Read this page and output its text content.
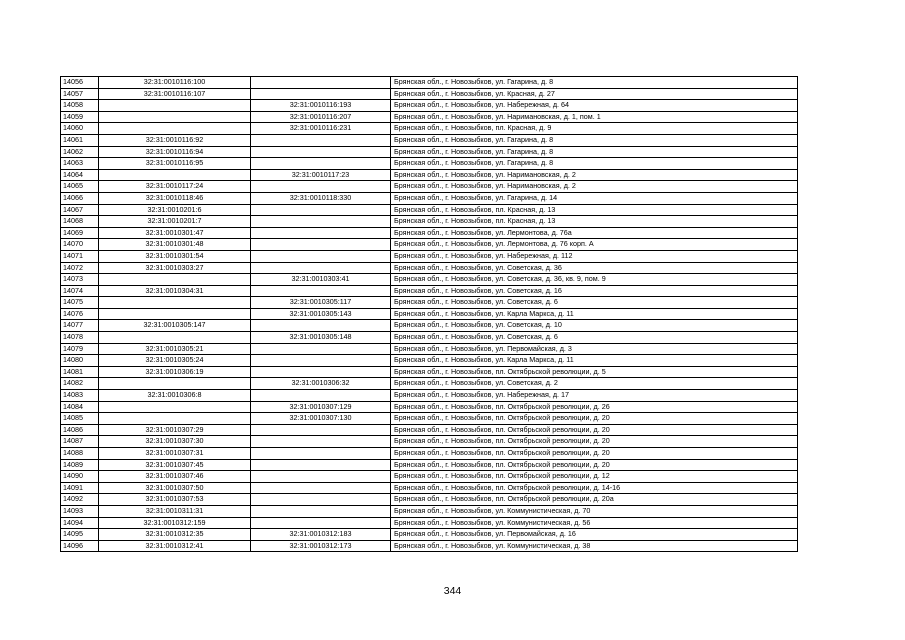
14056	32:31:0010116:100		Брянская обл., г. Новозыбков, ул. Гагарина, д. 8
14057	32:31:0010116:107		Брянская обл., г. Новозыбков, ул. Красная, д. 27
14058		32:31:0010116:193	Брянская обл., г. Новозыбков, ул. Набережная, д. 64
14059		32:31:0010116:207	Брянская обл., г. Новозыбков, ул. Наримановская, д. 1, пом. 1
14060		32:31:0010116:231	Брянская обл., г. Новозыбков, пл. Красная, д. 9
14061	32:31:0010116:92		Брянская обл., г. Новозыбков, ул. Гагарина, д. 8
14062	32:31:0010116:94		Брянская обл., г. Новозыбков, ул. Гагарина, д. 8
14063	32:31:0010116:95		Брянская обл., г. Новозыбков, ул. Гагарина, д. 8
14064		32:31:0010117:23	Брянская обл., г. Новозыбков, ул. Наримановская, д. 2
14065	32:31:0010117:24		Брянская обл., г. Новозыбков, ул. Наримановская, д. 2
14066	32:31:0010118:46	32:31:0010118:330	Брянская обл., г. Новозыбков, ул. Гагарина, д. 14
14067	32:31:0010201:6		Брянская обл., г. Новозыбков, пл. Красная, д. 13
14068	32:31:0010201:7		Брянская обл., г. Новозыбков, пл. Красная, д. 13
14069	32:31:0010301:47		Брянская обл., г. Новозыбков, ул. Лермонтова, д. 76а
14070	32:31:0010301:48		Брянская обл., г. Новозыбков, ул. Лермонтова, д. 76 корп. А
14071	32:31:0010301:54		Брянская обл., г. Новозыбков, ул. Набережная, д. 112
14072	32:31:0010303:27		Брянская обл., г. Новозыбков, ул. Советская, д. 36
14073		32:31:0010303:41	Брянская обл., г. Новозыбков, ул. Советская, д. 36, кв. 9, пом. 9
14074	32:31:0010304:31		Брянская обл., г. Новозыбков, ул. Советская, д. 16
14075		32:31:0010305:117	Брянская обл., г. Новозыбков, ул. Советская, д. 6
14076		32:31:0010305:143	Брянская обл., г. Новозыбков, ул. Карла Маркса, д. 11
14077	32:31:0010305:147		Брянская обл., г. Новозыбков, ул. Советская, д. 10
14078		32:31:0010305:148	Брянская обл., г. Новозыбков, ул. Советская, д. 6
14079	32:31:0010305:21		Брянская обл., г. Новозыбков, ул. Первомайская, д. 3
14080	32:31:0010305:24		Брянская обл., г. Новозыбков, ул. Карла Маркса, д. 11
14081	32:31:0010306:19		Брянская обл., г. Новозыбков, пл. Октябрьской революции, д. 5
14082		32:31:0010306:32	Брянская обл., г. Новозыбков, ул. Советская, д. 2
14083	32:31:0010306:8		Брянская обл., г. Новозыбков, ул. Набережная, д. 17
14084		32:31:0010307:129	Брянская обл., г. Новозыбков, пл. Октябрьской революции, д. 26
14085		32:31:0010307:130	Брянская обл., г. Новозыбков, пл. Октябрьской революции, д. 20
14086	32:31:0010307:29		Брянская обл., г. Новозыбков, пл. Октябрьской революции, д. 20
14087	32:31:0010307:30		Брянская обл., г. Новозыбков, пл. Октябрьской революции, д. 20
14088	32:31:0010307:31		Брянская обл., г. Новозыбков, пл. Октябрьской революции, д. 20
14089	32:31:0010307:45		Брянская обл., г. Новозыбков, пл. Октябрьской революции, д. 20
14090	32:31:0010307:46		Брянская обл., г. Новозыбков, пл. Октябрьской революции, д. 12
14091	32:31:0010307:50		Брянская обл., г. Новозыбков, пл. Октябрьской революции, д. 14-16
14092	32:31:0010307:53		Брянская обл., г. Новозыбков, пл. Октябрьской революции, д. 20а
14093	32:31:0010311:31		Брянская обл., г. Новозыбков, ул. Коммунистическая, д. 70
14094	32:31:0010312:159		Брянская обл., г. Новозыбков, ул. Коммунистическая, д. 56
14095	32:31:0010312:35	32:31:0010312:183	Брянская обл., г. Новозыбков, ул. Первомайская, д. 16
14096	32:31:0010312:41	32:31:0010312:173	Брянская обл., г. Новозыбков, ул. Коммунистическая, д. 38
344
